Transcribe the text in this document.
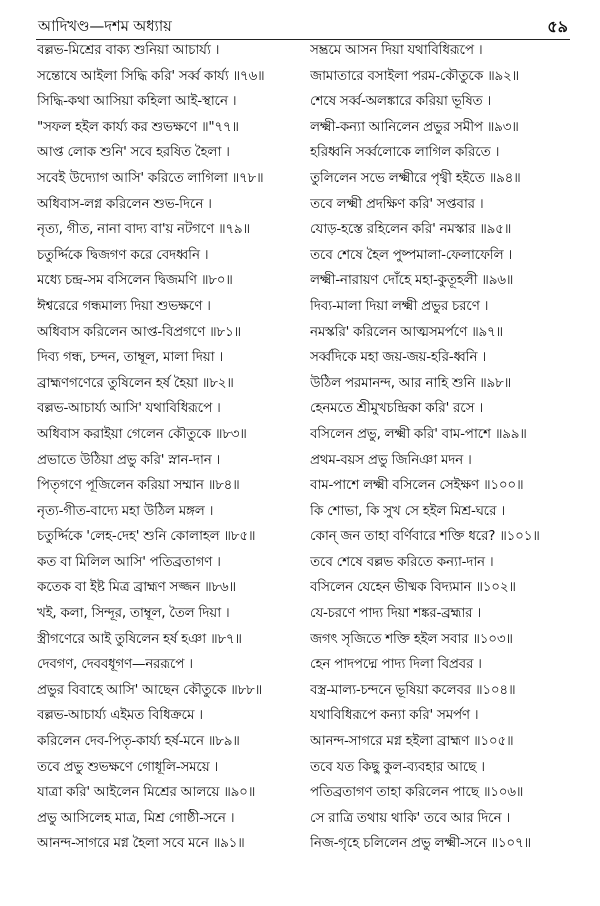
আদিখণ্ড—দশম অধ্যায়	৫৯
বল্লভ-মিশ্রের বাক্য শুনিয়া আচার্য্য ।
সন্তোষে আইলা সিদ্ধি করি' সর্ব্ব কার্য্য ॥৭৬॥
সিদ্ধি-কথা আসিয়া কহিলা আই-স্থানে ।
"সফল হইল কার্য্য কর শুভক্ষণে ॥"৭৭॥
আপ্ত লোক শুনি' সবে হরষিত হৈলা ।
সবেই উদ্যোগ আসি' করিতে লাগিলা ॥৭৮॥
অধিবাস-লগ্ন করিলেন শুভ-দিনে ।
নৃত্য, গীত, নানা বাদ্য বা'য় নটগণে ॥৭৯॥
চতুর্দ্দিকে দ্বিজগণ করে বেদধ্বনি ।
মধ্যে চন্দ্র-সম বসিলেন দ্বিজমণি ॥৮০॥
ঈশ্বরেরে গন্ধমাল্য দিয়া শুভক্ষণে ।
অধিবাস করিলেন আপ্ত-বিপ্রগণে ॥৮১॥
দিব্য গন্ধ, চন্দন, তাম্বূল, মালা দিয়া ।
ব্রাহ্মণগণেরে তুষিলেন হর্ষ হৈয়া ॥৮২॥
বল্লভ-আচার্য্য আসি' যথাবিধিরূপে ।
অধিবাস করাইয়া গেলেন কৌতুকে ॥৮৩॥
প্রভাতে উঠিয়া প্রভু করি' স্নান-দান ।
পিতৃগণে পূজিলেন করিয়া সম্মান ॥৮৪॥
নৃত্য-গীত-বাদ্যে মহা উঠিল মঙ্গল ।
চতুর্দ্দিকে 'লেহ-দেহ' শুনি কোলাহল ॥৮৫॥
কত বা মিলিল আসি' পতিব্রতাগণ ।
কতেক বা ইষ্ট মিত্র ব্রাহ্মণ সজ্জন ॥৮৬॥
খই, কলা, সিন্দূর, তাম্বূল, তৈল দিয়া ।
স্ত্রীগণেরে আই তুষিলেন হর্ষ হঞা ॥৮৭॥
দেবগণ, দেববধূগণ—নররূপে ।
প্রভুর বিবাহে আসি' আছেন কৌতুকে ॥৮৮॥
বল্লভ-আচার্য্য এইমত বিধিক্রমে ।
করিলেন দেব-পিতৃ-কার্য্য হর্ষ-মনে ॥৮৯॥
তবে প্রভু শুভক্ষণে গোধূলি-সময়ে ।
যাত্রা করি' আইলেন মিশ্রের আলয়ে ॥৯০॥
প্রভু আসিলেহ মাত্র, মিশ্র গোষ্ঠী-সনে ।
আনন্দ-সাগরে মগ্ন হৈলা সবে মনে ॥৯১॥
সম্ভ্রমে আসন দিয়া যথাবিধিরূপে ।
জামাতারে বসাইলা পরম-কৌতুকে ॥৯২॥
শেষে সর্ব্ব-অলঙ্কারে করিয়া ভূষিত ।
লক্ষ্মী-কন্যা আনিলেন প্রভুর সমীপ ॥৯৩॥
হরিধ্বনি সর্ব্বলোকে লাগিল করিতে ।
তুলিলেন সভে লক্ষ্মীরে পৃথ্বী হইতে ॥৯৪॥
তবে লক্ষ্মী প্রদক্ষিণ করি' সপ্তবার ।
যোড়-হস্তে রহিলেন করি' নমস্কার ॥৯৫॥
তবে শেষে হৈল পুষ্পমালা-ফেলাফেলি ।
লক্ষ্মী-নারায়ণ দোঁহে মহা-কুতূহলী ॥৯৬॥
দিব্য-মালা দিয়া লক্ষ্মী প্রভুর চরণে ।
নমস্করি' করিলেন আত্মসমর্পণে ॥৯৭॥
সর্ব্বদিকে মহা জয়-জয়-হরি-ধ্বনি ।
উঠিল পরমানন্দ, আর নাহি শুনি ॥৯৮॥
হেনমতে শ্রীমুখচন্দ্রিকা করি' রসে ।
বসিলেন প্রভু, লক্ষ্মী করি' বাম-পাশে ॥৯৯॥
প্রথম-বয়স প্রভু জিনিঞা মদন ।
বাম-পাশে লক্ষ্মী বসিলেন সেইক্ষণ ॥১০০॥
কি শোভা, কি সুখ সে হইল মিশ্র-ঘরে ।
কোন্ জন তাহা বর্ণিবারে শক্তি ধরে? ॥১০১॥
তবে শেষে বল্লভ করিতে কন্যা-দান ।
বসিলেন যেহেন ভীষ্মক বিদ্যমান ॥১০২॥
যে-চরণে পাদ্য দিয়া শঙ্কর-ব্রহ্মার ।
জগৎ সৃজিতে শক্তি হইল সবার ॥১০৩॥
হেন পাদপদ্মে পাদ্য দিলা বিপ্রবর ।
বস্ত্র-মাল্য-চন্দনে ভূষিয়া কলেবর ॥১০৪॥
যথাবিধিরূপে কন্যা করি' সমর্পণ ।
আনন্দ-সাগরে মগ্ন হইলা ব্রাহ্মণ ॥১০৫॥
তবে যত কিছু কুল-ব্যবহার আছে ।
পতিব্রতাগণ তাহা করিলেন পাছে ॥১০৬॥
সে রাত্রি তথায় থাকি' তবে আর দিনে ।
নিজ-গৃহে চলিলেন প্রভু লক্ষ্মী-সনে ॥১০৭॥
